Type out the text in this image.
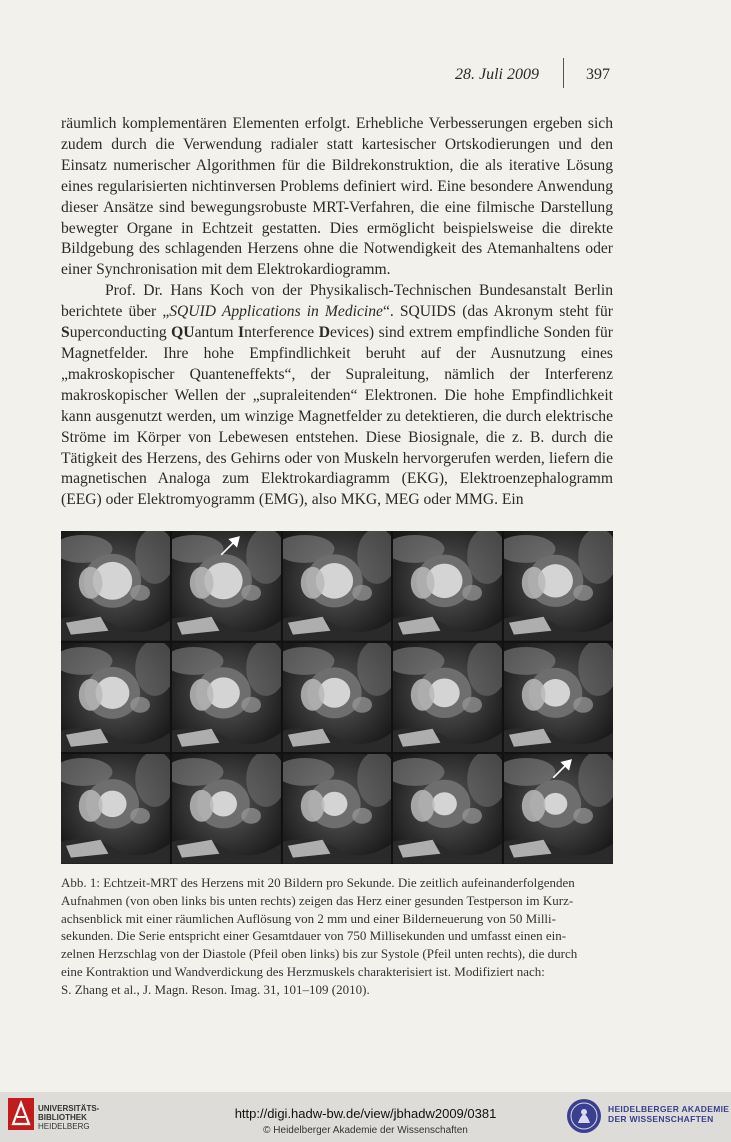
28. Juli 2009	397

räumlich komplementären Elementen erfolgt. Erhebliche Verbesserungen ergeben sich zudem durch die Verwendung radialer statt kartesischer Ortskodierungen und den Einsatz numerischer Algorithmen für die Bildrekonstruktion, die als iterative Lösung eines regularisierten nichtinversen Problems definiert wird. Eine besondere Anwendung dieser Ansätze sind bewegungsrobuste MRT-Verfahren, die eine filmische Darstellung bewegter Organe in Echtzeit gestatten. Dies ermöglicht beispielsweise die direkte Bildgebung des schlagenden Herzens ohne die Notwendigkeit des Atemanhaltens oder einer Synchronisation mit dem Elektrokardiogramm.

Prof. Dr. Hans Koch von der Physikalisch-Technischen Bundesanstalt Berlin berichtete über „SQUID Applications in Medicine“. SQUIDS (das Akronym steht für Superconducting QUantum Interference Devices) sind extrem empfindliche Sonden für Magnetfelder. Ihre hohe Empfindlichkeit beruht auf der Ausnutzung eines „makroskopischer Quanteneffekts“, der Supraleitung, nämlich der Interferenz makroskopischer Wellen der „supraleitenden“ Elektronen. Die hohe Empfindlichkeit kann ausgenutzt werden, um winzige Magnetfelder zu detektieren, die durch elektrische Ströme im Körper von Lebewesen entstehen. Diese Biosignale, die z. B. durch die Tätigkeit des Herzens, des Gehirns oder von Muskeln hervorgerufen werden, liefern die magnetischen Analoga zum Elektrokardiagramm (EKG), Elektroenzephalogramm (EEG) oder Elektromyogramm (EMG), also MKG, MEG oder MMG. Ein

Abb. 1: Echtzeit-MRT des Herzens mit 20 Bildern pro Sekunde. Die zeitlich aufeinanderfolgenden
Aufnahmen (von oben links bis unten rechts) zeigen das Herz einer gesunden Testperson im Kurz-
achsenblick mit einer räumlichen Auflösung von 2 mm und einer Bilderneuerung von 50 Milli-
sekunden. Die Serie entspricht einer Gesamtdauer von 750 Millisekunden und umfasst einen ein-
zelnen Herzschlag von der Diastole (Pfeil oben links) bis zur Systole (Pfeil unten rechts), die durch
eine Kontraktion und Wandverdickung des Herzmuskels charakterisiert ist. Modifiziert nach:
S. Zhang et al., J. Magn. Reson. Imag. 31, 101–109 (2010).
UNIVERSITÄTS-
BIBLIOTHEK
HEIDELBERG
http://digi.hadw-bw.de/view/jbhadw2009/0381
© Heidelberger Akademie der Wissenschaften
HEIDELBERGER AKADEMIE
DER WISSENSCHAFTEN
